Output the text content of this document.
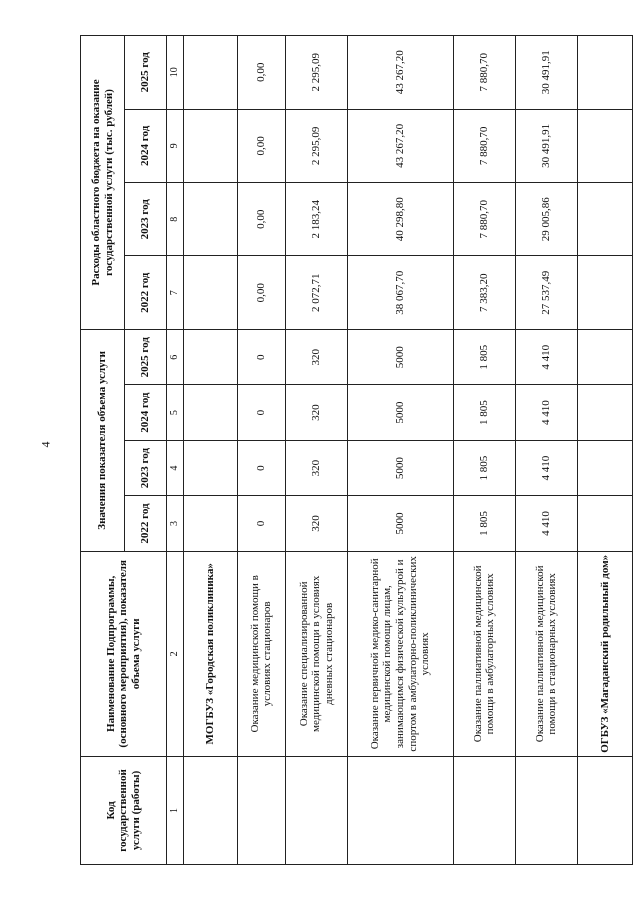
4
Код государственной услуги (работы)	Наименование Подпрограммы, (основного мероприятия), показателя объема услуги	Значения показателя объема услуги				Расходы областного бюджета на оказание государственной услуги (тыс. рублей)			
		2022 год	2023 год	2024 год	2025 год	2022 год	2023 год	2024 год	2025 год
1	2	3	4	5	6	7	8	9	10
	МОГБУЗ «Городская поликлиника»								
	Оказание медицинской помощи в условиях стационаров	0	0	0	0	0,00	0,00	0,00	0,00
	Оказание специализированной медицинской помощи в условиях дневных стационаров	320	320	320	320	2 072,71	2 183,24	2 295,09	2 295,09
	Оказание первичной медико-санитарной медицинской помощи лицам, занимающимся физической культурой и спортом в амбулаторно-поликлинических условиях	5000	5000	5000	5000	38 067,70	40 298,80	43 267,20	43 267,20
	Оказание паллиативной медицинской помощи в амбулаторных условиях	1 805	1 805	1 805	1 805	7 383,20	7 880,70	7 880,70	7 880,70
	Оказание паллиативной медицинской помощи в стационарных условиях	4 410	4 410	4 410	4 410	27 537,49	29 005,86	30 491,91	30 491,91
	ОГБУЗ «Магаданский родильный дом»								
